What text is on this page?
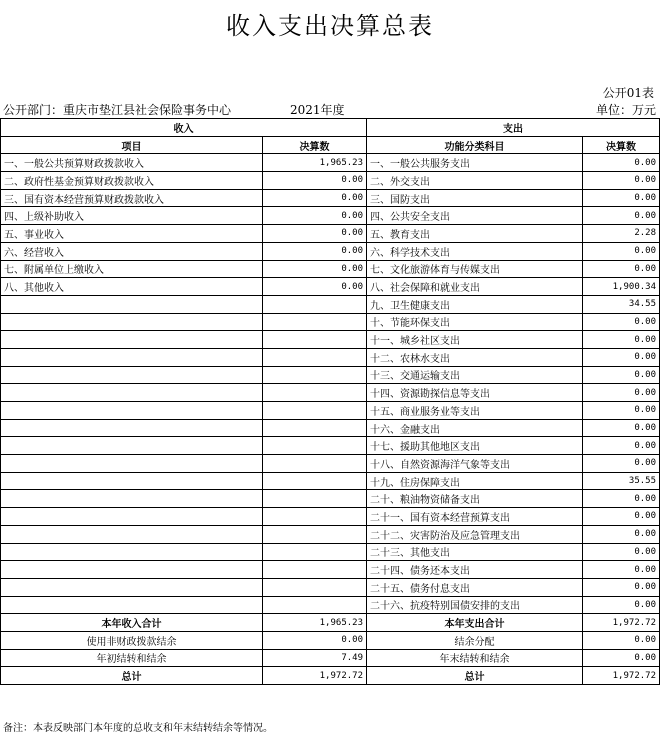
收入支出决算总表
公开01表
公开部门：重庆市垫江县社会保险事务中心	2021年度	单位：万元
收入		支出	
项目	决算数	功能分类科目	决算数
一、一般公共预算财政拨款收入	1,965.23	一、一般公共服务支出	0.00
二、政府性基金预算财政拨款收入	0.00	二、外交支出	0.00
三、国有资本经营预算财政拨款收入	0.00	三、国防支出	0.00
四、上级补助收入	0.00	四、公共安全支出	0.00
五、事业收入	0.00	五、教育支出	2.28
六、经营收入	0.00	六、科学技术支出	0.00
七、附属单位上缴收入	0.00	七、文化旅游体育与传媒支出	0.00
八、其他收入	0.00	八、社会保障和就业支出	1,900.34
		九、卫生健康支出	34.55
		十、节能环保支出	0.00
		十一、城乡社区支出	0.00
		十二、农林水支出	0.00
		十三、交通运输支出	0.00
		十四、资源勘探信息等支出	0.00
		十五、商业服务业等支出	0.00
		十六、金融支出	0.00
		十七、援助其他地区支出	0.00
		十八、自然资源海洋气象等支出	0.00
		十九、住房保障支出	35.55
		二十、粮油物资储备支出	0.00
		二十一、国有资本经营预算支出	0.00
		二十二、灾害防治及应急管理支出	0.00
		二十三、其他支出	0.00
		二十四、债务还本支出	0.00
		二十五、债务付息支出	0.00
		二十六、抗疫特别国债安排的支出	0.00
本年收入合计	1,965.23	本年支出合计	1,972.72
使用非财政拨款结余	0.00	结余分配	0.00
年初结转和结余	7.49	年末结转和结余	0.00
总计	1,972.72	总计	1,972.72
备注：本表反映部门本年度的总收支和年末结转结余等情况。
